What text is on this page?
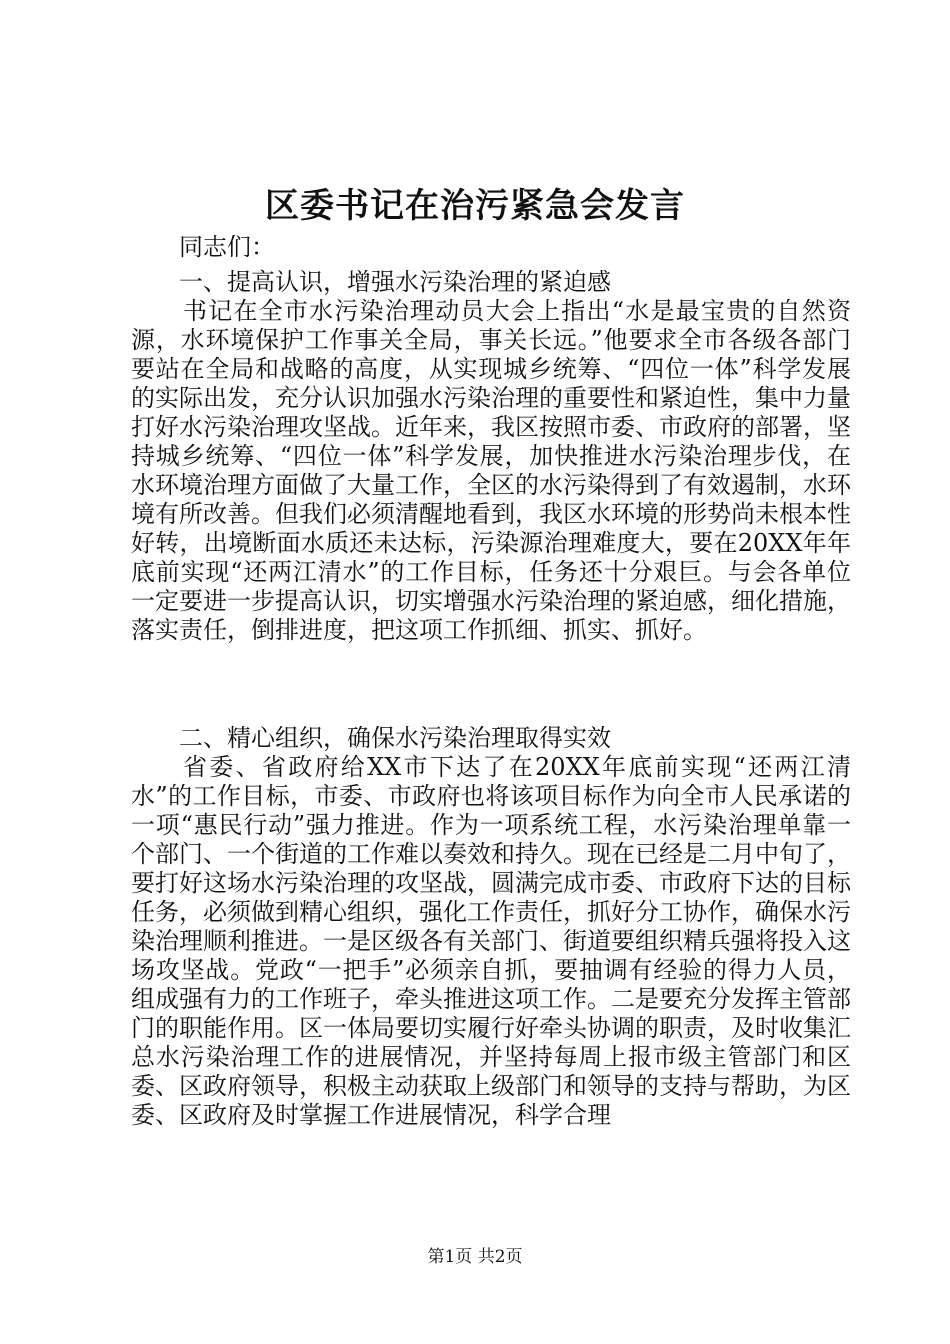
区委书记在治污紧急会发言

同志们：

一、提高认识，增强水污染治理的紧迫感

书记在全市水污染治理动员大会上指出“水是最宝贵的自然资源，水环境保护工作事关全局，事关长远。”他要求全市各级各部门要站在全局和战略的高度，从实现城乡统筹、“四位一体”科学发展的实际出发，充分认识加强水污染治理的重要性和紧迫性，集中力量打好水污染治理攻坚战。近年来，我区按照市委、市政府的部署，坚持城乡统筹、“四位一体”科学发展，加快推进水污染治理步伐，在水环境治理方面做了大量工作，全区的水污染得到了有效遏制，水环境有所改善。但我们必须清醒地看到，我区水环境的形势尚未根本性好转，出境断面水质还未达标，污染源治理难度大，要在20XX年年底前实现“还两江清水”的工作目标，任务还十分艰巨。与会各单位一定要进一步提高认识，切实增强水污染治理的紧迫感，细化措施，落实责任，倒排进度，把这项工作抓细、抓实、抓好。

二、精心组织，确保水污染治理取得实效

省委、省政府给XX市下达了在20XX年底前实现“还两江清水”的工作目标，市委、市政府也将该项目标作为向全市人民承诺的一项“惠民行动”强力推进。作为一项系统工程，水污染治理单靠一个部门、一个街道的工作难以奏效和持久。现在已经是二月中旬了，要打好这场水污染治理的攻坚战，圆满完成市委、市政府下达的目标任务，必须做到精心组织，强化工作责任，抓好分工协作，确保水污染治理顺利推进。一是区级各有关部门、街道要组织精兵强将投入这场攻坚战。党政“一把手”必须亲自抓，要抽调有经验的得力人员，组成强有力的工作班子，牵头推进这项工作。二是要充分发挥主管部门的职能作用。区一体局要切实履行好牵头协调的职责，及时收集汇总水污染治理工作的进展情况，并坚持每周上报市级主管部门和区委、区政府领导，积极主动获取上级部门和领导的支持与帮助，为区委、区政府及时掌握工作进展情况，科学合理

第1页 共2页
